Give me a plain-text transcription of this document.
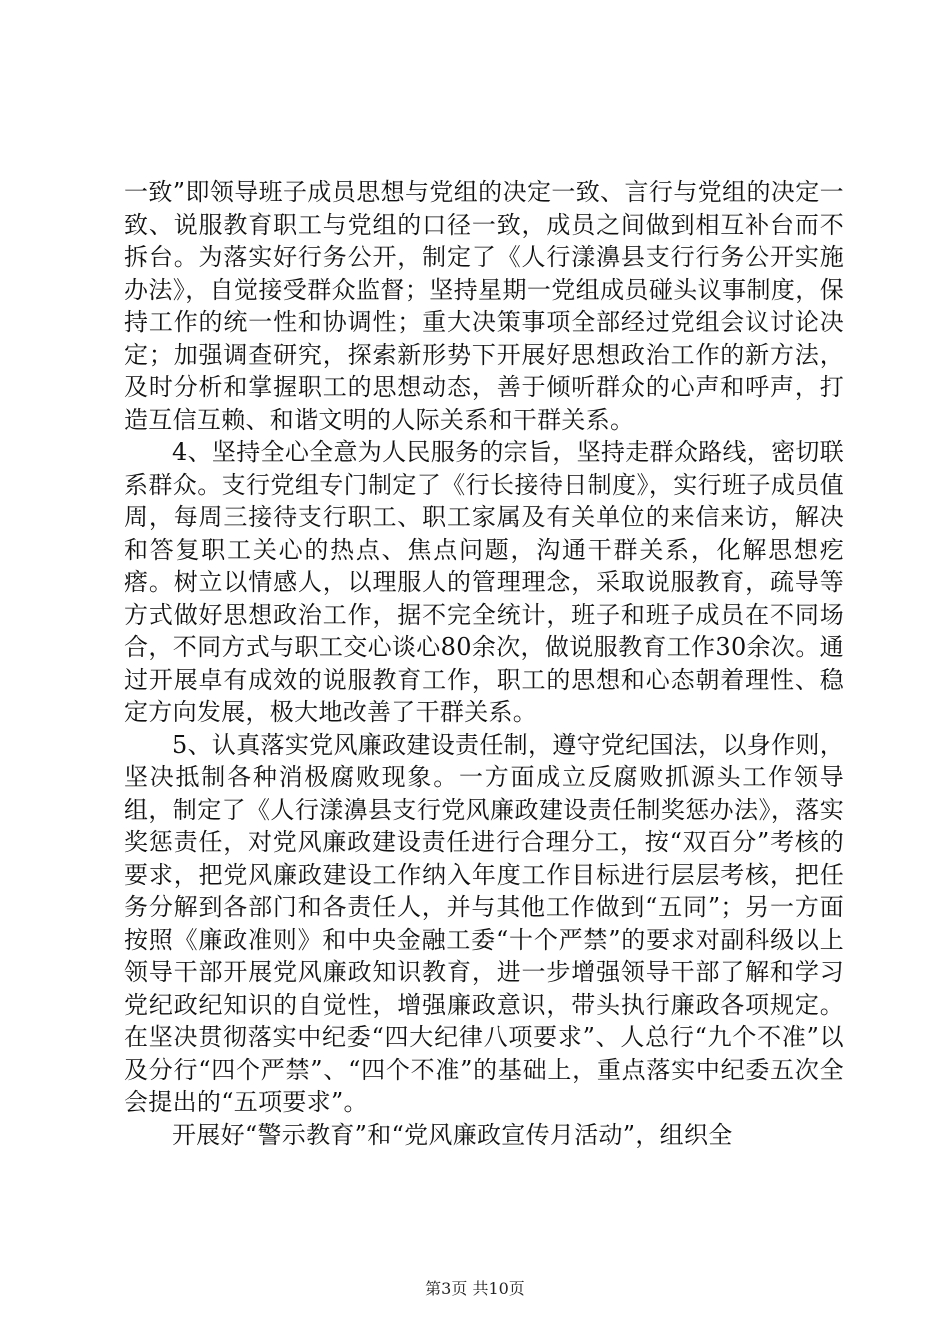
一致”即领导班子成员思想与党组的决定一致、言行与党组的决定一致、说服教育职工与党组的口径一致，成员之间做到相互补台而不拆台。为落实好行务公开，制定了《人行漾濞县支行行务公开实施办法》，自觉接受群众监督；坚持星期一党组成员碰头议事制度，保持工作的统一性和协调性；重大决策事项全部经过党组会议讨论决定；加强调查研究，探索新形势下开展好思想政治工作的新方法，及时分析和掌握职工的思想动态，善于倾听群众的心声和呼声，打造互信互赖、和谐文明的人际关系和干群关系。

4、坚持全心全意为人民服务的宗旨，坚持走群众路线，密切联系群众。支行党组专门制定了《行长接待日制度》，实行班子成员值周，每周三接待支行职工、职工家属及有关单位的来信来访，解决和答复职工关心的热点、焦点问题，沟通干群关系，化解思想疙瘩。树立以情感人，以理服人的管理理念，采取说服教育，疏导等方式做好思想政治工作，据不完全统计，班子和班子成员在不同场合，不同方式与职工交心谈心80余次，做说服教育工作30余次。通过开展卓有成效的说服教育工作，职工的思想和心态朝着理性、稳定方向发展，极大地改善了干群关系。

5、认真落实党风廉政建设责任制，遵守党纪国法，以身作则，坚决抵制各种消极腐败现象。一方面成立反腐败抓源头工作领导组，制定了《人行漾濞县支行党风廉政建设责任制奖惩办法》，落实奖惩责任，对党风廉政建设责任进行合理分工，按“双百分”考核的要求，把党风廉政建设工作纳入年度工作目标进行层层考核，把任务分解到各部门和各责任人，并与其他工作做到“五同”；另一方面按照《廉政准则》和中央金融工委“十个严禁”的要求对副科级以上领导干部开展党风廉政知识教育，进一步增强领导干部了解和学习党纪政纪知识的自觉性，增强廉政意识，带头执行廉政各项规定。在坚决贯彻落实中纪委“四大纪律八项要求”、人总行“九个不准”以及分行“四个严禁”、“四个不准”的基础上，重点落实中纪委五次全会提出的“五项要求”。

开展好“警示教育”和“党风廉政宣传月活动”，组织全

第3页 共10页
